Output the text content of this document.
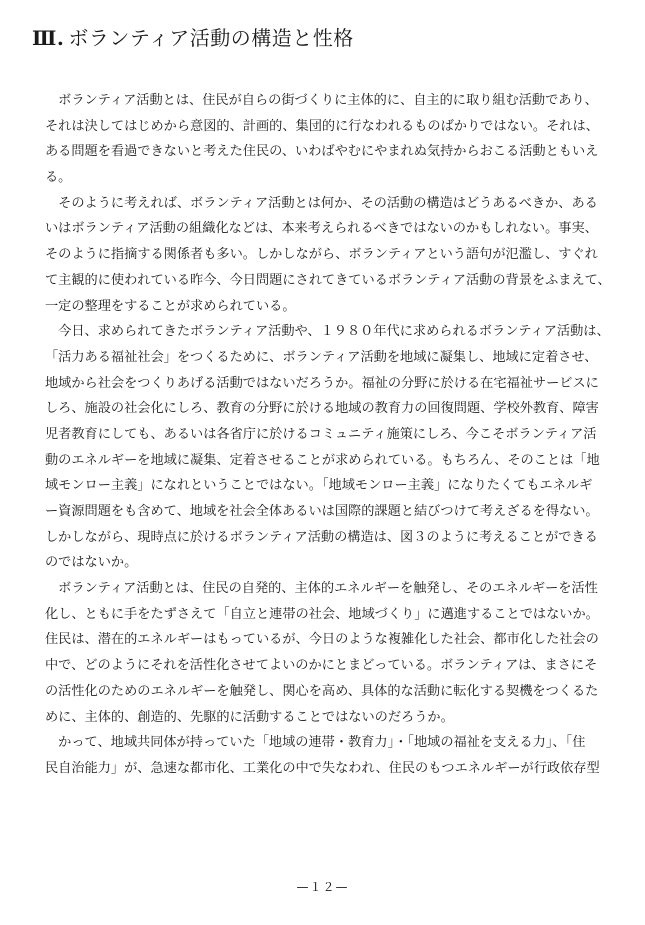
Ⅲ. ボランティア活動の構造と性格
　ボランティア活動とは、住民が自らの街づくりに主体的に、自主的に取り組む活動であり、
それは決してはじめから意図的、計画的、集団的に行なわれるものばかりではない。それは、
ある問題を看過できないと考えた住民の、いわばやむにやまれぬ気持からおこる活動ともいえ
る。
　そのように考えれば、ボランティア活動とは何か、その活動の構造はどうあるべきか、ある
いはボランティア活動の組織化などは、本来考えられるべきではないのかもしれない。事実、
そのように指摘する関係者も多い。しかしながら、ボランティアという語句が氾濫し、すぐれ
て主観的に使われている昨今、今日問題にされてきているボランティア活動の背景をふまえて、
一定の整理をすることが求められている。
　今日、求められてきたボランティア活動や、１９８０年代に求められるボランティア活動は、
「活力ある福祉社会」をつくるために、ボランティア活動を地域に凝集し、地域に定着させ、
地域から社会をつくりあげる活動ではないだろうか。福祉の分野に於ける在宅福祉サービスに
しろ、施設の社会化にしろ、教育の分野に於ける地域の教育力の回復問題、学校外教育、障害
児者教育にしても、あるいは各省庁に於けるコミュニティ施策にしろ、今こそボランティア活
動のエネルギーを地域に凝集、定着させることが求められている。もちろん、そのことは「地
域モンロー主義」になれということではない。「地域モンロー主義」になりたくてもエネルギ
ー資源問題をも含めて、地域を社会全体あるいは国際的課題と結びつけて考えざるを得ない。
しかしながら、現時点に於けるボランティア活動の構造は、図３のように考えることができる
のではないか。
　ボランティア活動とは、住民の自発的、主体的エネルギーを触発し、そのエネルギーを活性
化し、ともに手をたずさえて「自立と連帯の社会、地域づくり」に邁進することではないか。
住民は、潜在的エネルギーはもっているが、今日のような複雑化した社会、都市化した社会の
中で、どのようにそれを活性化させてよいのかにとまどっている。ボランティアは、まさにそ
の活性化のためのエネルギーを触発し、関心を高め、具体的な活動に転化する契機をつくるた
めに、主体的、創造的、先駆的に活動することではないのだろうか。
　かって、地域共同体が持っていた「地域の連帯・教育力」・「地域の福祉を支える力」、「住
民自治能力」が、急速な都市化、工業化の中で失なわれ、住民のもつエネルギーが行政依存型
—１２—
